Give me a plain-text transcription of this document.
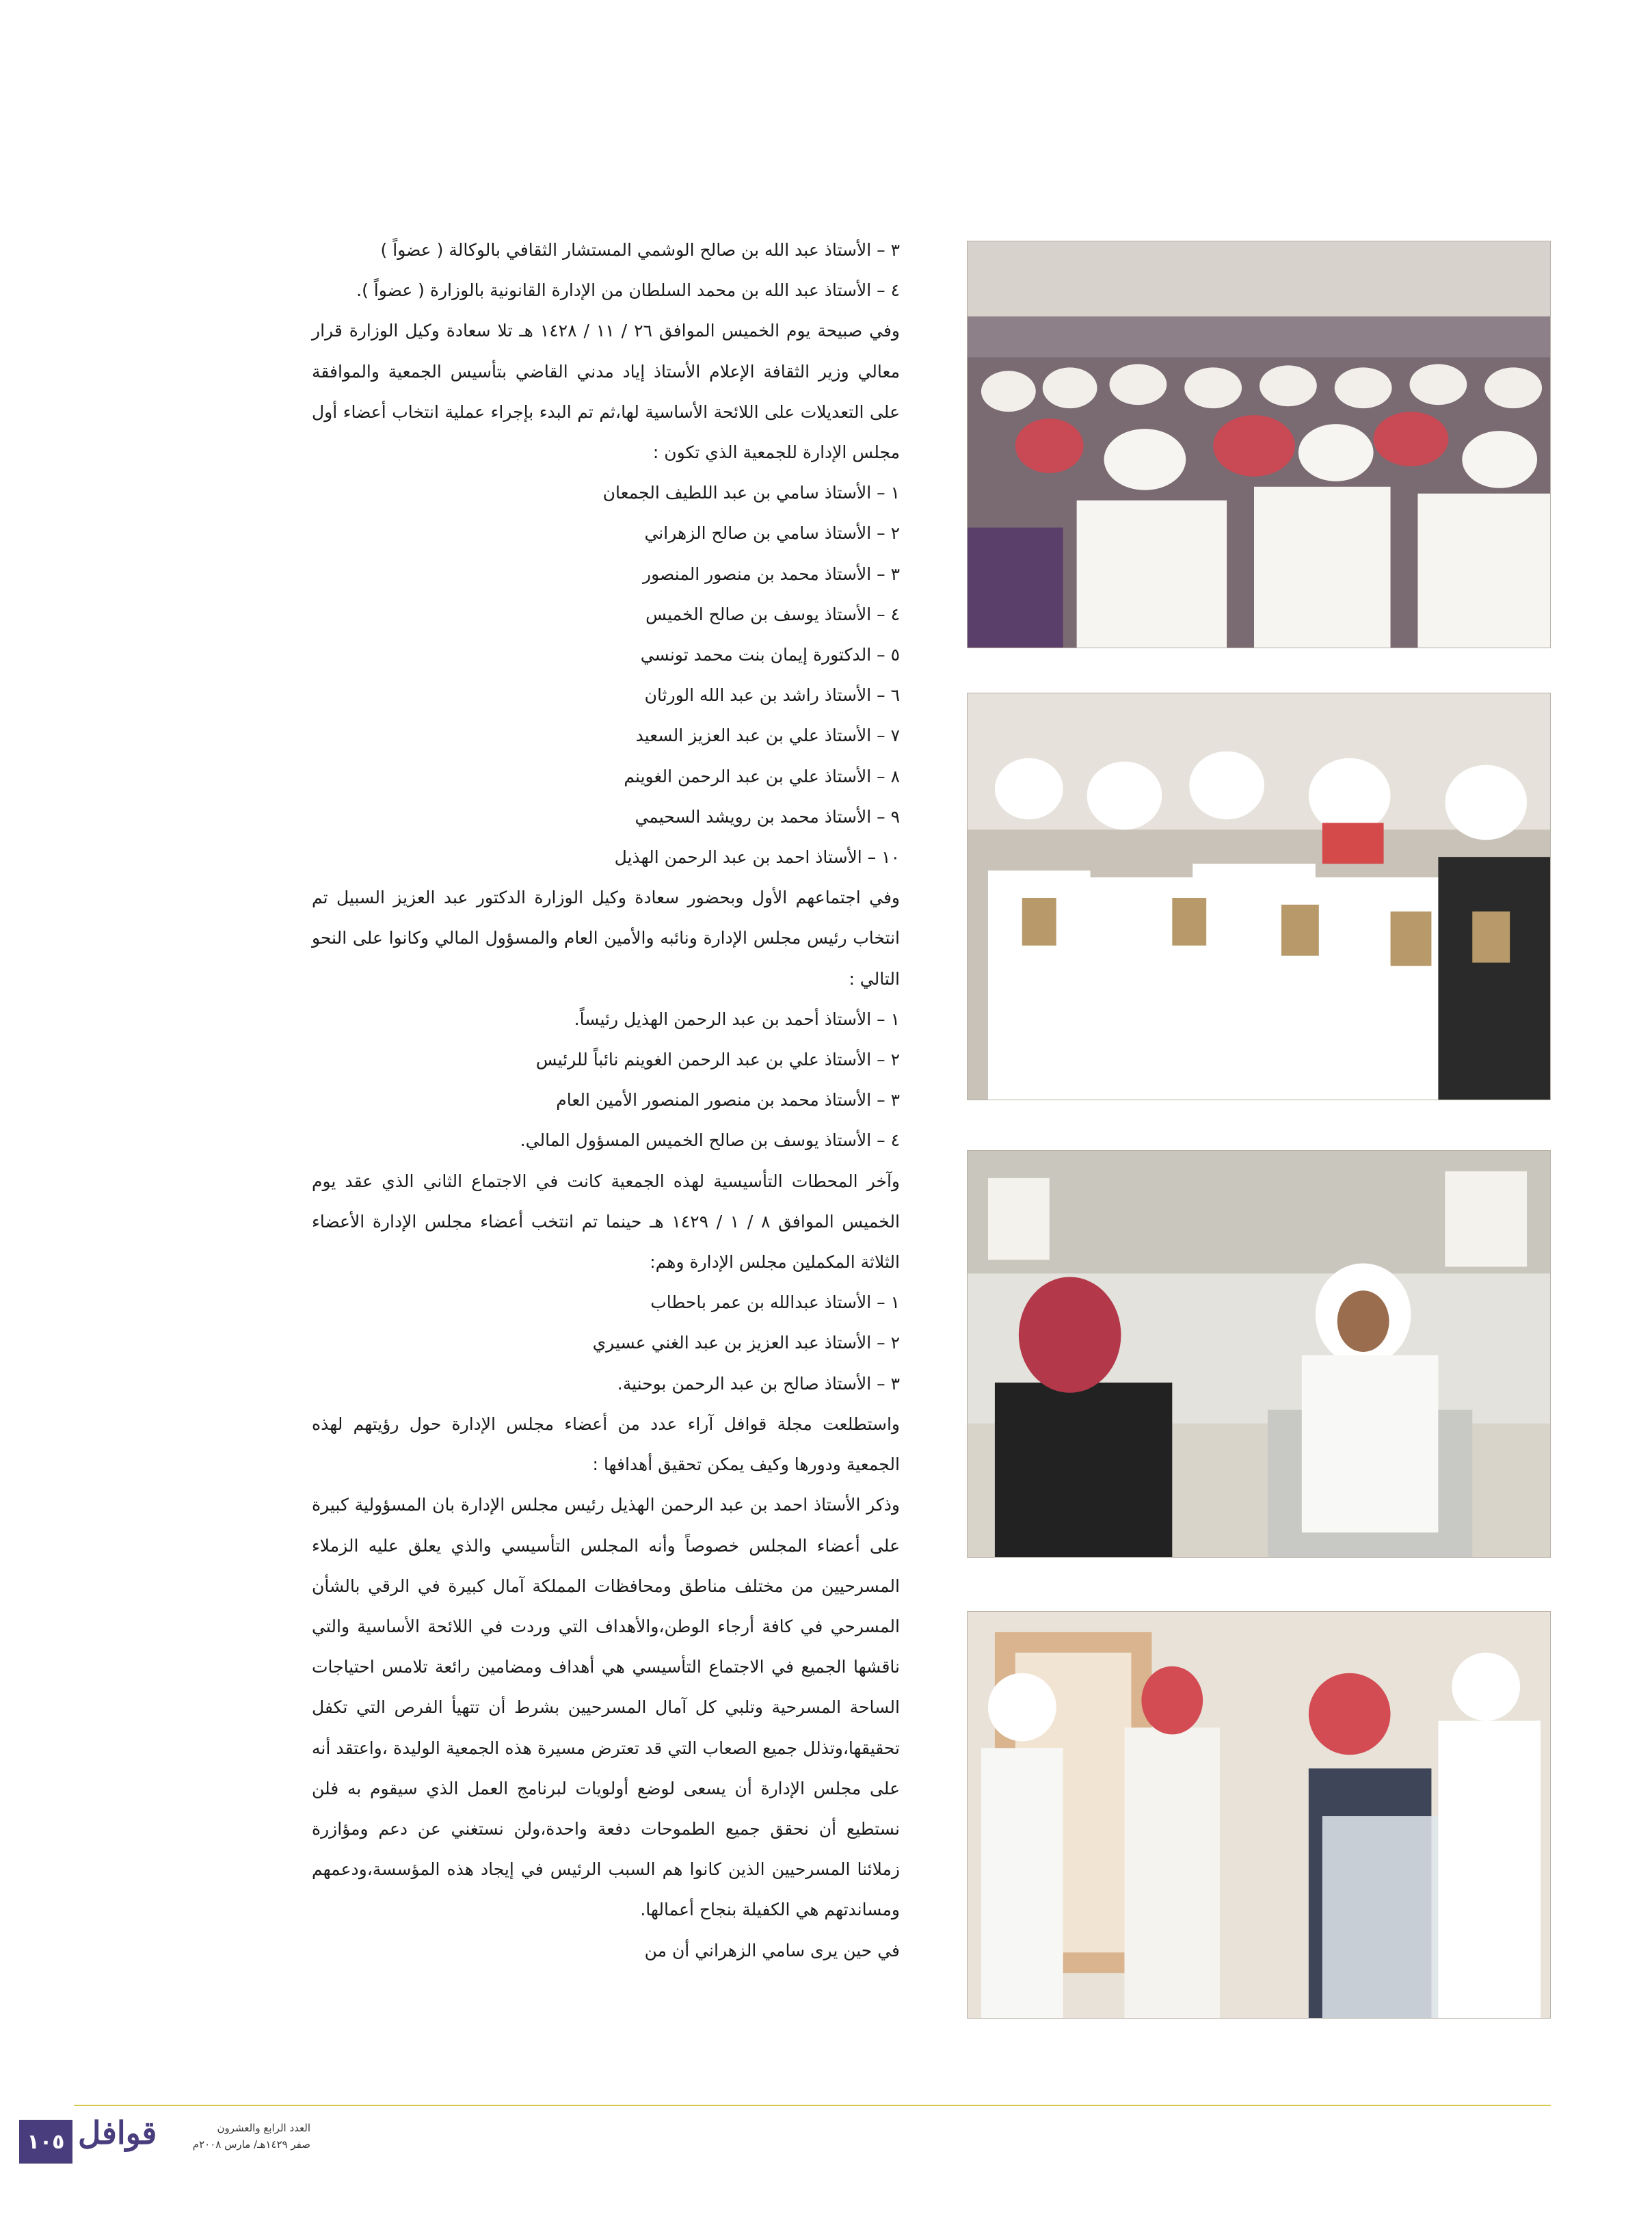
٣ – الأستاذ عبد الله بن صالح الوشمي المستشار الثقافي بالوكالة ( عضواً )

٤ – الأستاذ عبد الله بن محمد السلطان من الإدارة القانونية بالوزارة ( عضواً ).

وفي صبيحة يوم الخميس الموافق ٢٦ / ١١ / ١٤٢٨ هـ تلا سعادة وكيل الوزارة قرار معالي وزير الثقافة الإعلام الأستاذ إياد مدني القاضي بتأسيس الجمعية والموافقة على التعديلات على اللائحة الأساسية لها،ثم تم البدء بإجراء عملية انتخاب أعضاء أول مجلس الإدارة للجمعية الذي تكون :

١ – الأستاذ سامي بن عبد اللطيف الجمعان

٢ – الأستاذ سامي بن صالح الزهراني

٣ – الأستاذ محمد بن منصور المنصور

٤ – الأستاذ يوسف بن صالح الخميس

٥ – الدكتورة إيمان بنت محمد تونسي

٦ – الأستاذ راشد بن عبد الله الورثان

٧ – الأستاذ علي بن عبد العزيز السعيد

٨ – الأستاذ علي بن عبد الرحمن الغوينم

٩ – الأستاذ محمد بن رويشد السحيمي

١٠ – الأستاذ احمد بن عبد الرحمن الهذيل

وفي اجتماعهم الأول وبحضور سعادة وكيل الوزارة الدكتور عبد العزيز السبيل تم انتخاب رئيس مجلس الإدارة ونائبه والأمين العام والمسؤول المالي وكانوا على النحو التالي :

١ – الأستاذ أحمد بن عبد الرحمن الهذيل رئيساً.

٢ – الأستاذ علي بن عبد الرحمن الغوينم نائباً للرئيس

٣ – الأستاذ محمد بن منصور المنصور الأمين العام

٤ – الأستاذ يوسف بن صالح الخميس المسؤول المالي.

وآخر المحطات التأسيسية لهذه الجمعية كانت في الاجتماع الثاني الذي عقد يوم الخميس الموافق ٨ / ١ / ١٤٢٩ هـ حينما تم انتخب أعضاء مجلس الإدارة الأعضاء الثلاثة المكملين مجلس الإدارة وهم:

١ – الأستاذ عبدالله بن عمر باحطاب

٢ – الأستاذ عبد العزيز بن عبد الغني عسيري

٣ – الأستاذ صالح بن عبد الرحمن بوحنية.

واستطلعت مجلة قوافل آراء عدد من أعضاء مجلس الإدارة حول رؤيتهم لهذه الجمعية ودورها وكيف يمكن تحقيق أهدافها :

وذكر الأستاذ احمد بن عبد الرحمن الهذيل رئيس مجلس الإدارة بان المسؤولية كبيرة على أعضاء المجلس خصوصاً وأنه المجلس التأسيسي والذي يعلق عليه الزملاء المسرحيين من مختلف مناطق ومحافظات المملكة آمال كبيرة في الرقي بالشأن المسرحي في كافة أرجاء الوطن،والأهداف التي وردت في اللائحة الأساسية والتي ناقشها الجميع في الاجتماع التأسيسي هي أهداف ومضامين رائعة تلامس احتياجات الساحة المسرحية وتلبي كل آمال المسرحيين بشرط أن تتهيأ الفرص التي تكفل تحقيقها،وتذلل جميع الصعاب التي قد تعترض مسيرة هذه الجمعية الوليدة ،واعتقد أنه على مجلس الإدارة أن يسعى لوضع أولويات لبرنامج العمل الذي سيقوم به فلن نستطيع أن نحقق جميع الطموحات دفعة واحدة،ولن نستغني عن دعم ومؤازرة زملائنا المسرحيين الذين كانوا هم السبب الرئيس في إيجاد هذه المؤسسة،ودعمهم ومساندتهم هي الكفيلة بنجاح أعمالها.

في حين يرى سامي الزهراني أن من

١٠٥ قوافل	العدد الرابع والعشرون
صفر ١٤٢٩هـ/ مارس ٢٠٠٨م
